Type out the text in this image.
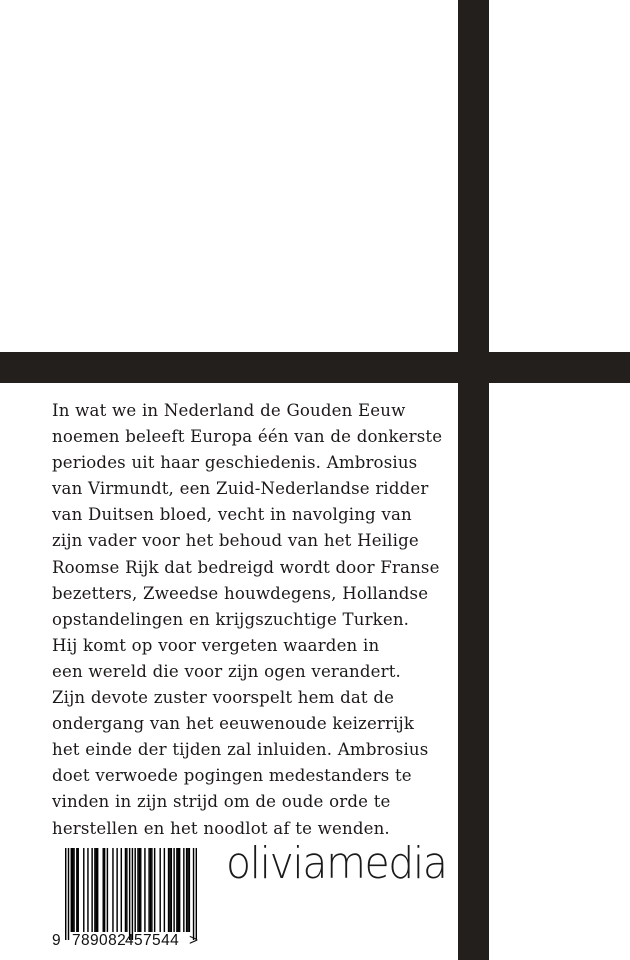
In wat we in Nederland de Gouden Eeuw
noemen beleeft Europa één van de donkerste
periodes uit haar geschiedenis. Ambrosius
van Virmundt, een Zuid-Nederlandse ridder
van Duitsen bloed, vecht in navolging van
zijn vader voor het behoud van het Heilige
Roomse Rijk dat bedreigd wordt door Franse
bezetters, Zweedse houwdegens, Hollandse
opstandelingen en krijgszuchtige Turken.
Hij komt op voor vergeten waarden in
een wereld die voor zijn ogen verandert.
Zijn devote zuster voorspelt hem dat de
ondergang van het eeuwenoude keizerrijk
het einde der tijden zal inluiden. Ambrosius
doet verwoede pogingen medestanders te
vinden in zijn strijd om de oude orde te
herstellen en het noodlot af te wenden.
9 789082
457544 >
oliviamedia
